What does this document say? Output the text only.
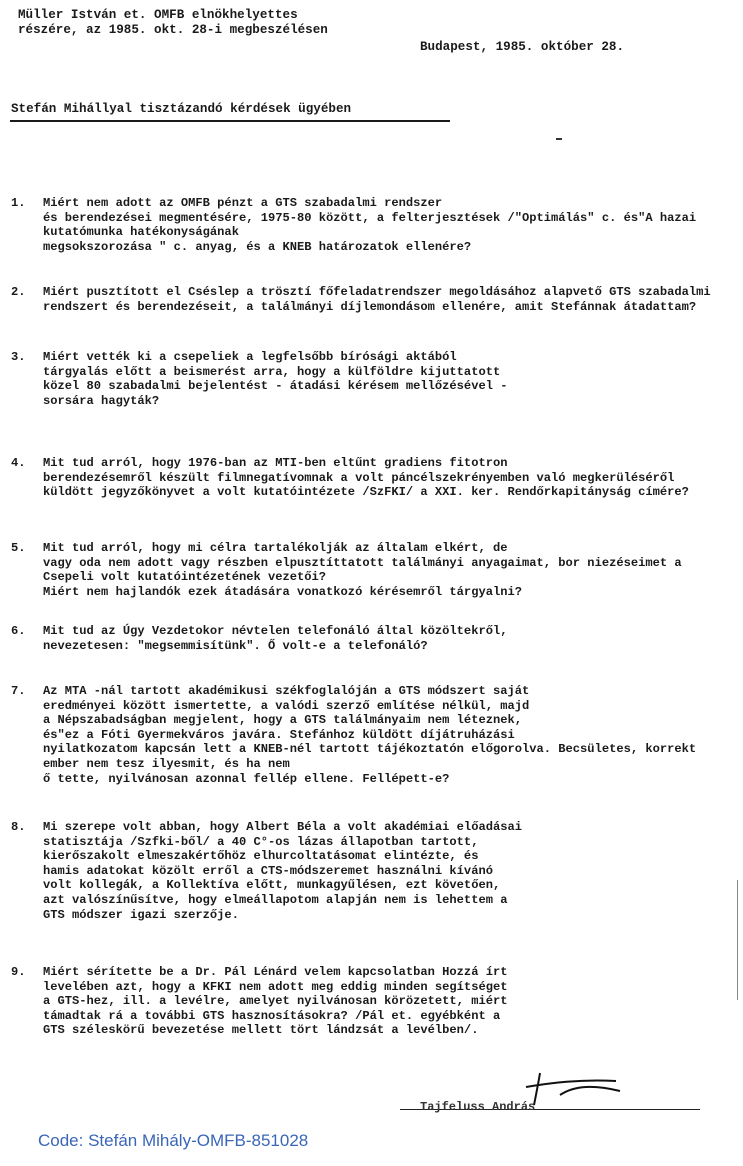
Müller István et. OMFB elnökhelyettes
részére, az 1985. okt. 28-i megbeszélésen
Budapest, 1985. október 28.
Stefán Mihállyal tisztázandó kérdések ügyében
1. Miért nem adott az OMFB pénzt a GTS szabadalmi rendszer
és berendezései megmentésére, 1975-80 között, a felterjesztések /"Optimálás" c. és"A hazai kutatómunka hatékonyságának
megsokszorozása " c. anyag, és a KNEB határozatok ellenére?
2. Miért pusztított el Cséslep a trösztí főfeladatrendszer megoldásához alapvető GTS szabadalmi rendszert és berendezéseit, a találmányi díjlemondásom ellenére, amit Stefánnak átadattam?
3. Miért vették ki a csepeliek a legfelsőbb bírósági aktából
tárgyalás előtt a beismerést arra, hogy a külföldre kijuttatott
közel 80 szabadalmi bejelentést - átadási kérésem mellőzésével -
sorsára hagyták?
4. Mit tud arról, hogy 1976-ban az MTI-ben eltűnt gradiens fitotron
berendezésemről készült filmnegatívomnak a volt páncélszekrényemben való megkerüléséről küldött jegyzőkönyvet a volt kutatóintézete /SzFKI/ a XXI. ker. Rendőrkapitányság címére?
5. Mit tud arról, hogy mi célra tartalékolják az általam elkért, de
vagy oda nem adott vagy részben elpusztíttatott találmányi anyagaimat, bor niezéseimet a Csepeli volt kutatóintézetének vezetői?
Miért nem hajlandók ezek átadására vonatkozó kérésemről tárgyalni?
6. Mit tud az Úgy Vezdetokor névtelen telefonáló által közöltekről,
nevezetesen: "megsemmisítünk". Ő volt-e a telefonáló?
7. Az MTA -nál tartott akadémikusi székfoglalóján a GTS módszert saját
eredményei között ismertette, a valódi szerző említése nélkül, majd
a Népszabadságban megjelent, hogy a GTS találmányaim nem léteznek,
és"ez a Fóti Gyermekváros javára. Stefánhoz küldött díjátruházási
nyilatkozatom kapcsán lett a KNEB-nél tartott tájékoztatón előgorolva. Becsületes, korrekt ember nem tesz ilyesmit, és ha nem
ő tette, nyilvánosan azonnal fellép ellene. Fellépett-e?
8. Mi szerepe volt abban, hogy Albert Béla a volt akadémiai előadásai
statisztája /Szfki-ből/ a 40 C°-os lázas állapotban tartott,
kierőszakolt elmeszakértőhöz elhurcoltatásomat elintézte, és
hamis adatokat közölt erről a CTS-módszeremet használni kívánó
volt kollegák, a Kollektíva előtt, munkagyűlésen, ezt követően,
azt valószínűsítve, hogy elmeállapotom alapján nem is lehettem a
GTS módszer igazi szerzője.
9. Miért sérítette be a Dr. Pál Lénárd velem kapcsolatban Hozzá írt
levelében azt, hogy a KFKI nem adott meg eddig minden segítséget
a GTS-hez, ill. a levélre, amelyet nyilvánosan körözetett, miért
támadtak rá a további GTS hasznosításokra? /Pál et. egyébként a
GTS széleskörű bevezetése mellett tört lándzsát a levélben/.
Tajfeluss András
Code: Stefán Mihály-OMFB-851028
